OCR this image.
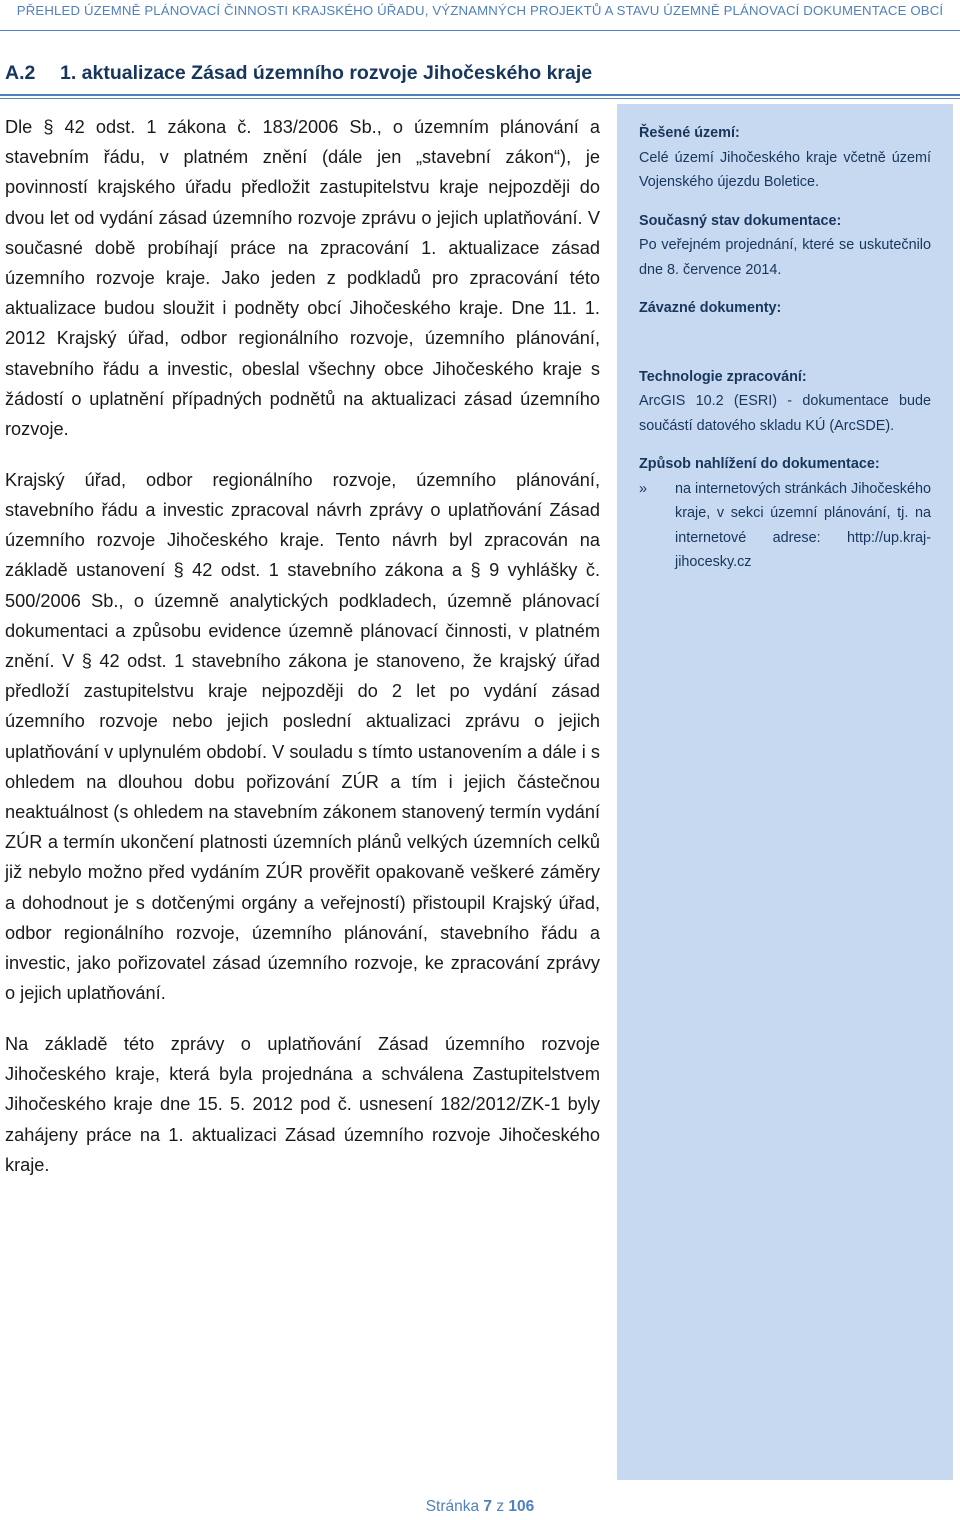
PŘEHLED ÚZEMNĚ PLÁNOVACÍ ČINNOSTI KRAJSKÉHO ÚŘADU, VÝZNAMNÝCH PROJEKTŮ A STAVU ÚZEMNĚ PLÁNOVACÍ DOKUMENTACE OBCÍ
A.2 1. aktualizace Zásad územního rozvoje Jihočeského kraje

Dle § 42 odst. 1 zákona č. 183/2006 Sb., o územním plánování a stavebním řádu, v platném znění (dále jen „stavební zákon“), je povinností krajského úřadu předložit zastupitelstvu kraje nejpozději do dvou let od vydání zásad územního rozvoje zprávu o jejich uplatňování. V současné době probíhají práce na zpracování 1. aktualizace zásad územního rozvoje kraje. Jako jeden z podkladů pro zpracování této aktualizace budou sloužit i podněty obcí Jihočeského kraje. Dne 11. 1. 2012 Krajský úřad, odbor regionálního rozvoje, územního plánování, stavebního řádu a investic, obeslal všechny obce Jihočeského kraje s žádostí o uplatnění případných podnětů na aktualizaci zásad územního rozvoje.

Krajský úřad, odbor regionálního rozvoje, územního plánování, stavebního řádu a investic zpracoval návrh zprávy o uplatňování Zásad územního rozvoje Jihočeského kraje. Tento návrh byl zpracován na základě ustanovení § 42 odst. 1 stavebního zákona a § 9 vyhlášky č. 500/2006 Sb., o územně analytických podkladech, územně plánovací dokumentaci a způsobu evidence územně plánovací činnosti, v platném znění. V § 42 odst. 1 stavebního zákona je stanoveno, že krajský úřad předloží zastupitelstvu kraje nejpozději do 2 let po vydání zásad územního rozvoje nebo jejich poslední aktualizaci zprávu o jejich uplatňování v uplynulém období. V souladu s tímto ustanovením a dále i s ohledem na dlouhou dobu pořizování ZÚR a tím i jejich částečnou neaktuálnost (s ohledem na stavebním zákonem stanovený termín vydání ZÚR a termín ukončení platnosti územních plánů velkých územních celků již nebylo možno před vydáním ZÚR prověřit opakovaně veškeré záměry a dohodnout je s dotčenými orgány a veřejností) přistoupil Krajský úřad, odbor regionálního rozvoje, územního plánování, stavebního řádu a investic, jako pořizovatel zásad územního rozvoje, ke zpracování zprávy o jejich uplatňování.

Na základě této zprávy o uplatňování Zásad územního rozvoje Jihočeského kraje, která byla projednána a schválena Zastupitelstvem Jihočeského kraje dne 15. 5. 2012 pod č. usnesení 182/2012/ZK-1 byly zahájeny práce na 1. aktualizaci Zásad územního rozvoje Jihočeského kraje.

Řešené území:
Celé území Jihočeského kraje včetně území Vojenského újezdu Boletice.
Současný stav dokumentace:
Po veřejném projednání, které se uskutečnilo dne 8. července 2014.
Závazné dokumenty:
Technologie zpracování:
ArcGIS 10.2 (ESRI) - dokumentace bude součástí datového skladu KÚ (ArcSDE).
Způsob nahlížení do dokumentace:
» na internetových stránkách Jihočeského kraje, v sekci územní plánování, tj. na internetové adrese: http://up.kraj-jihocesky.cz
Stránka 7 z 106
